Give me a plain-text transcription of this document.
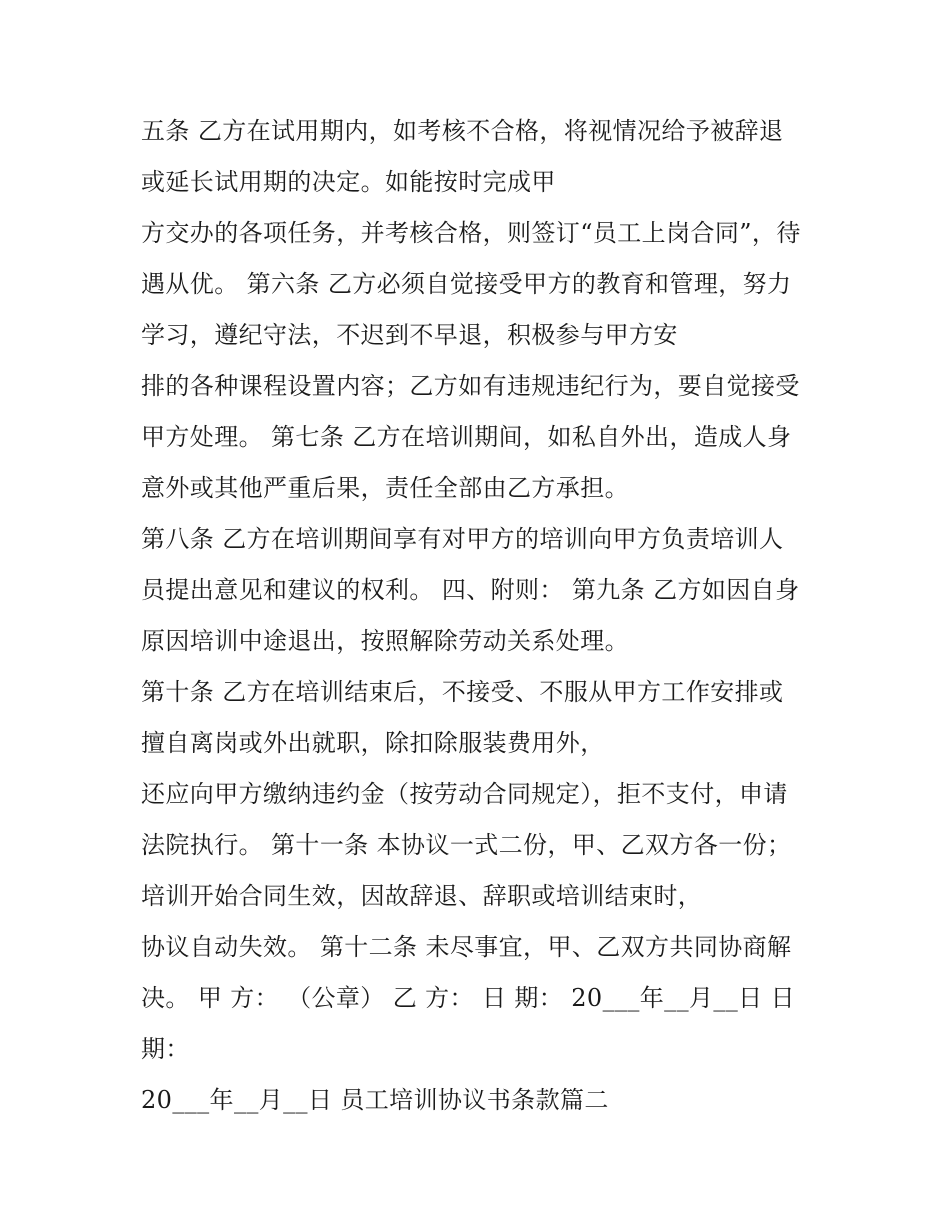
五条 乙方在试用期内，如考核不合格，将视情况给予被辞退
或延长试用期的决定。如能按时完成甲
方交办的各项任务，并考核合格，则签订“员工上岗合同”，待
遇从优。 第六条 乙方必须自觉接受甲方的教育和管理，努力
学习，遵纪守法，不迟到不早退，积极参与甲方安
排的各种课程设置内容；乙方如有违规违纪行为，要自觉接受
甲方处理。 第七条 乙方在培训期间，如私自外出，造成人身
意外或其他严重后果，责任全部由乙方承担。
第八条 乙方在培训期间享有对甲方的培训向甲方负责培训人
员提出意见和建议的权利。 四、附则： 第九条 乙方如因自身
原因培训中途退出，按照解除劳动关系处理。
第十条 乙方在培训结束后，不接受、不服从甲方工作安排或
擅自离岗或外出就职，除扣除服装费用外，
还应向甲方缴纳违约金（按劳动合同规定），拒不支付，申请
法院执行。 第十一条 本协议一式二份，甲、乙双方各一份；
培训开始合同生效，因故辞退、辞职或培训结束时，
协议自动失效。 第十二条 未尽事宜，甲、乙双方共同协商解
决。 甲 方： （公章） 乙 方： 日 期： 20___年__月__日 日
期：
20___年__月__日 员工培训协议书条款篇二
